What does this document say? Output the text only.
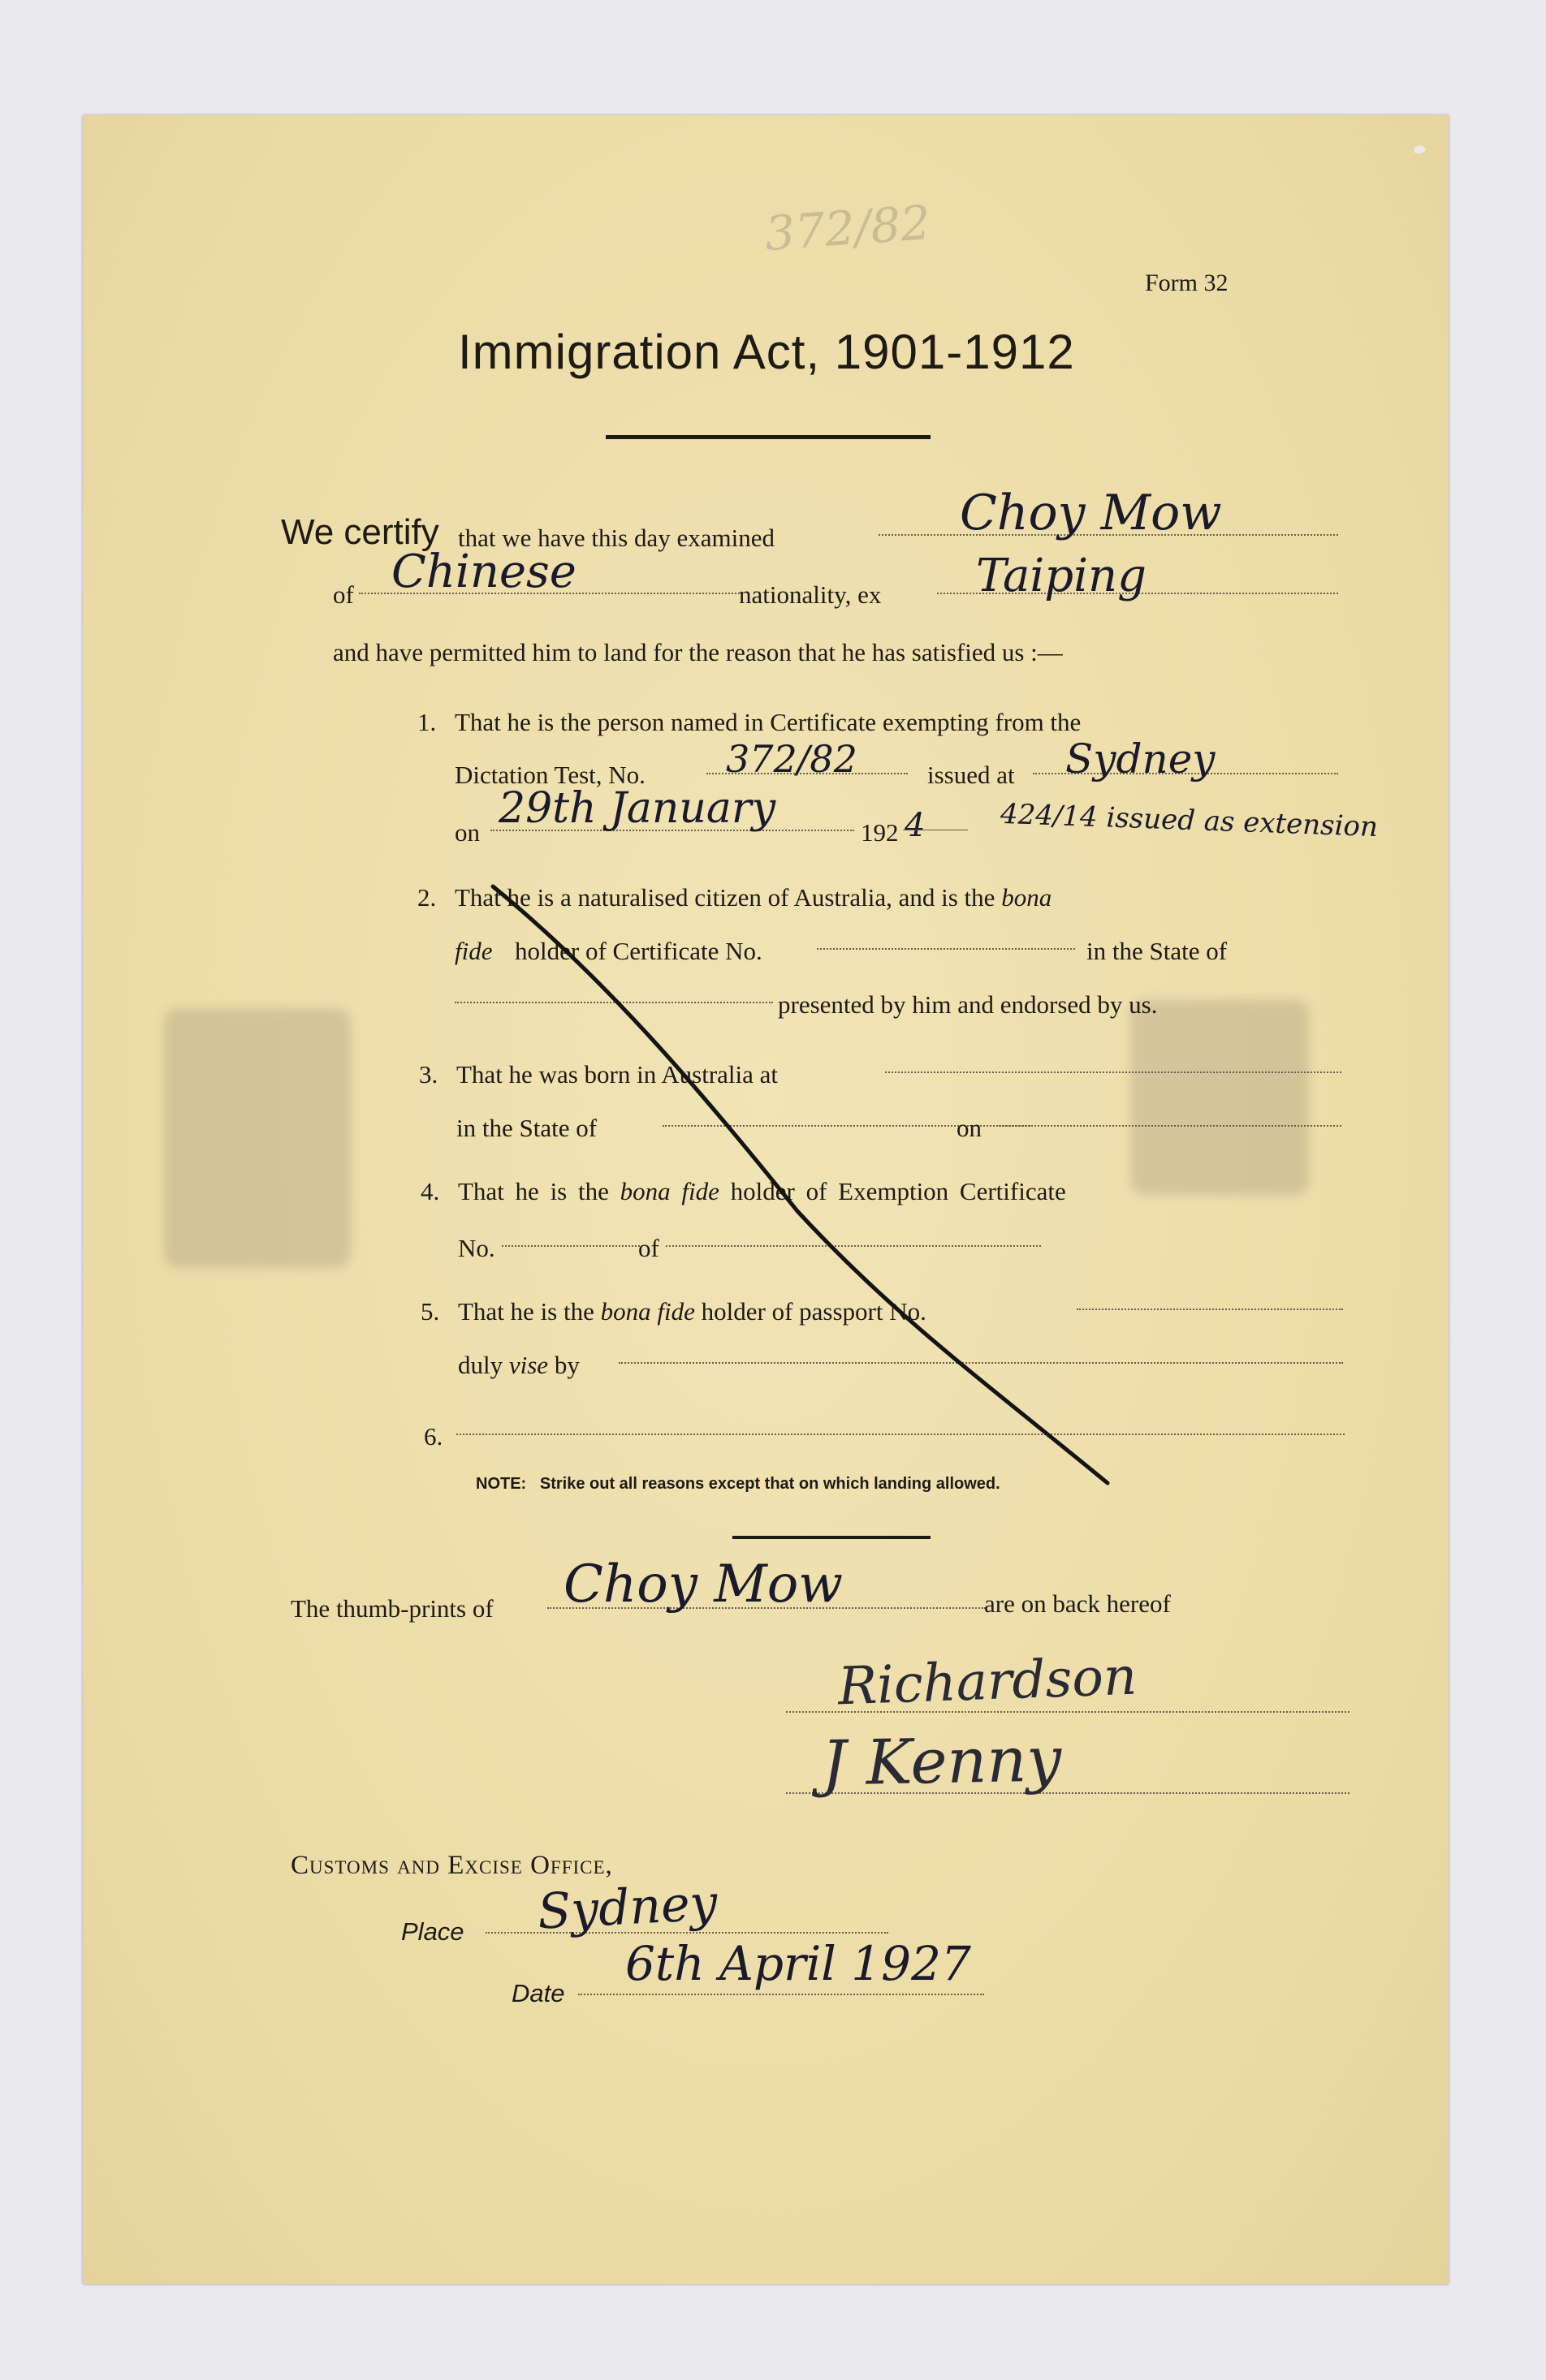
372/82
Form 32
Immigration Act, 1901-1912
We certify that we have this day examined	Choy Mow
of Chinese	nationality, ex Taiping
and have permitted him to land for the reason that he has satisfied us :—
1. That he is the person named in Certificate exempting from the
Dictation Test, No. 372/82	issued at Sydney
on 29th January	192 4	424/14 issued as extension
2. That he is a naturalised citizen of Australia, and is the bona
fide holder of Certificate No.	in the State of
presented by him and endorsed by us.
3. That he was born in Australia at
in the State of	on
4. That he is the bona fide holder of Exemption Certificate
No.	of
5. That he is the bona fide holder of passport No.
duly vise by
6.
NOTE: Strike out all reasons except that on which landing allowed.
The thumb-prints of Choy Mow	are on back hereof
Richardson
J Kenny
Customs and Excise Office,
Place Sydney
Date
6th April 1927
